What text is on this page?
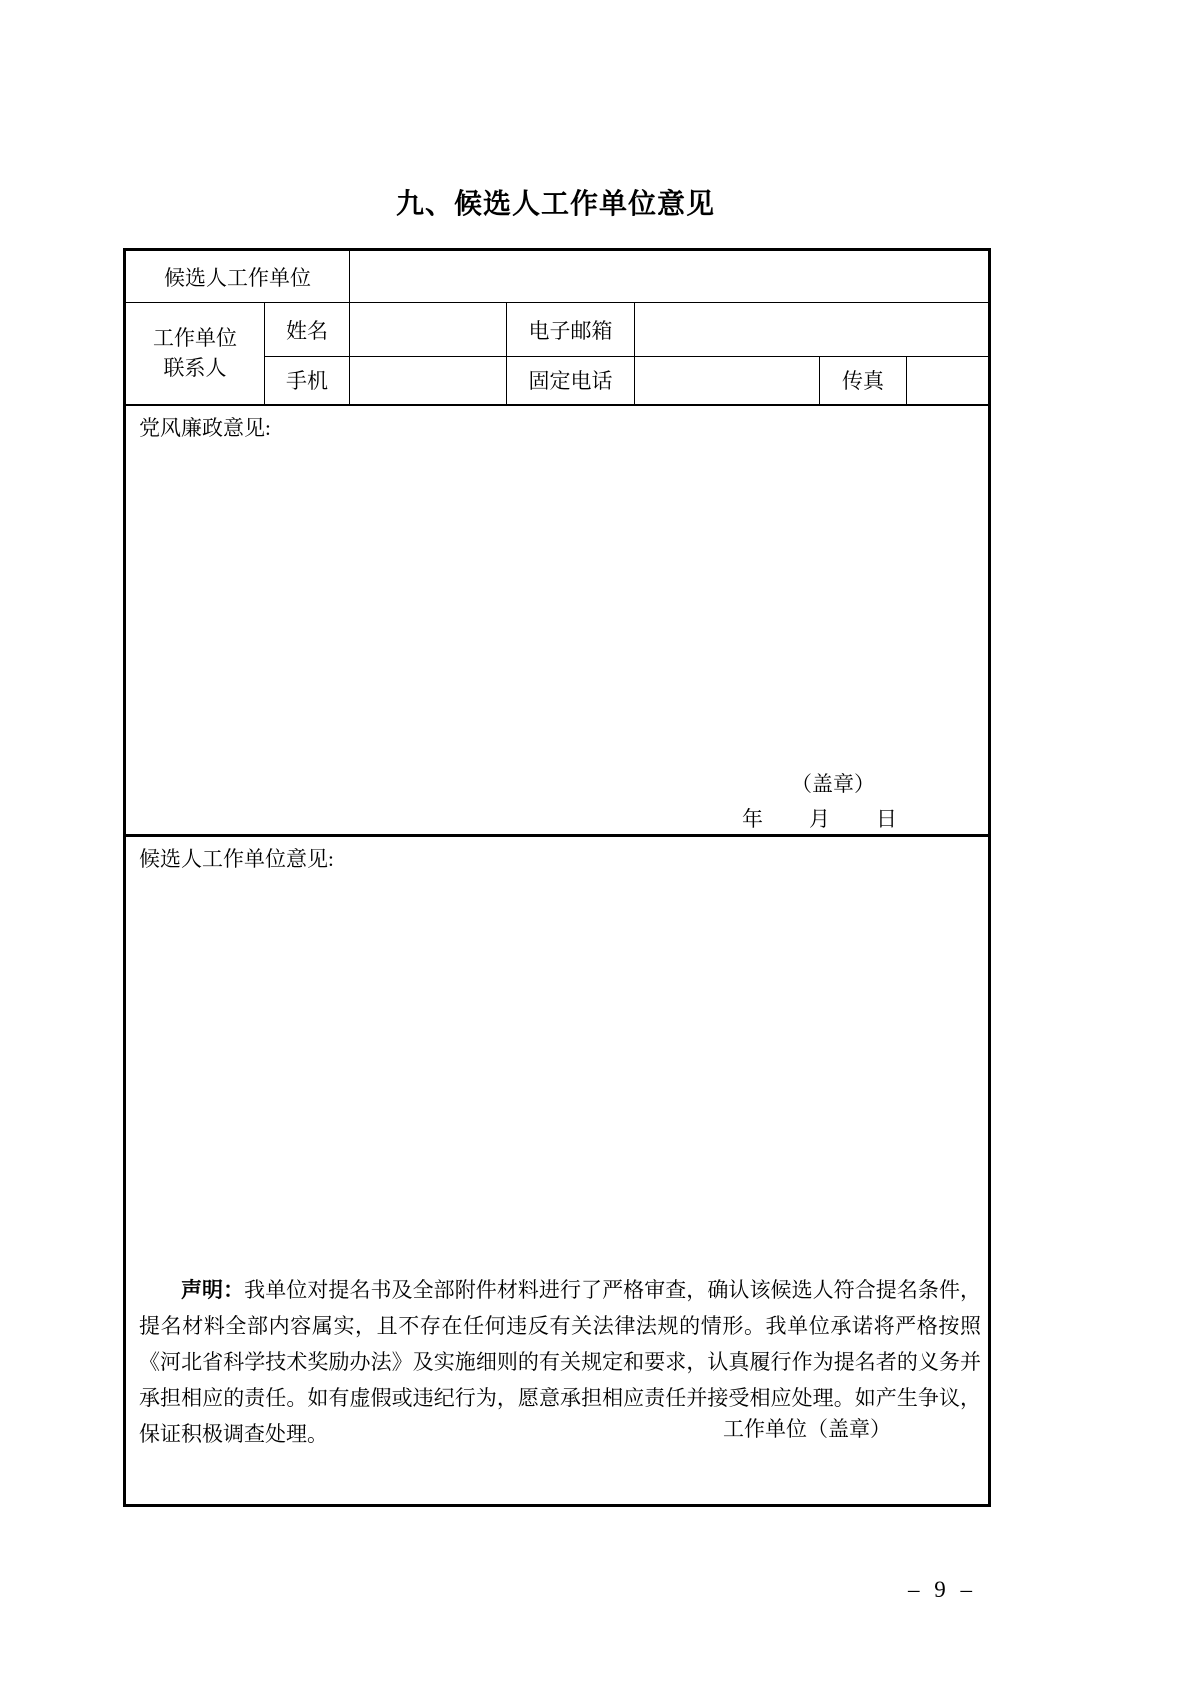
九、候选人工作单位意见
候选人工作单位						

工作单位
联系人	姓名		电子邮箱			
	手机		固定电话		传真	

党风廉政意见:
（盖章）
年 月 日						

候选人工作单位意见:

声明：我单位对提名书及全部附件材料进行了严格审查，确认该候选人符合提名条件，提名材料全部内容属实，且不存在任何违反有关法律法规的情形。我单位承诺将严格按照《河北省科学技术奖励办法》及实施细则的有关规定和要求，认真履行作为提名者的义务并承担相应的责任。如有虚假或违纪行为，愿意承担相应责任并接受相应处理。如产生争议，保证积极调查处理。 工作单位（盖章）						
– 9 –
